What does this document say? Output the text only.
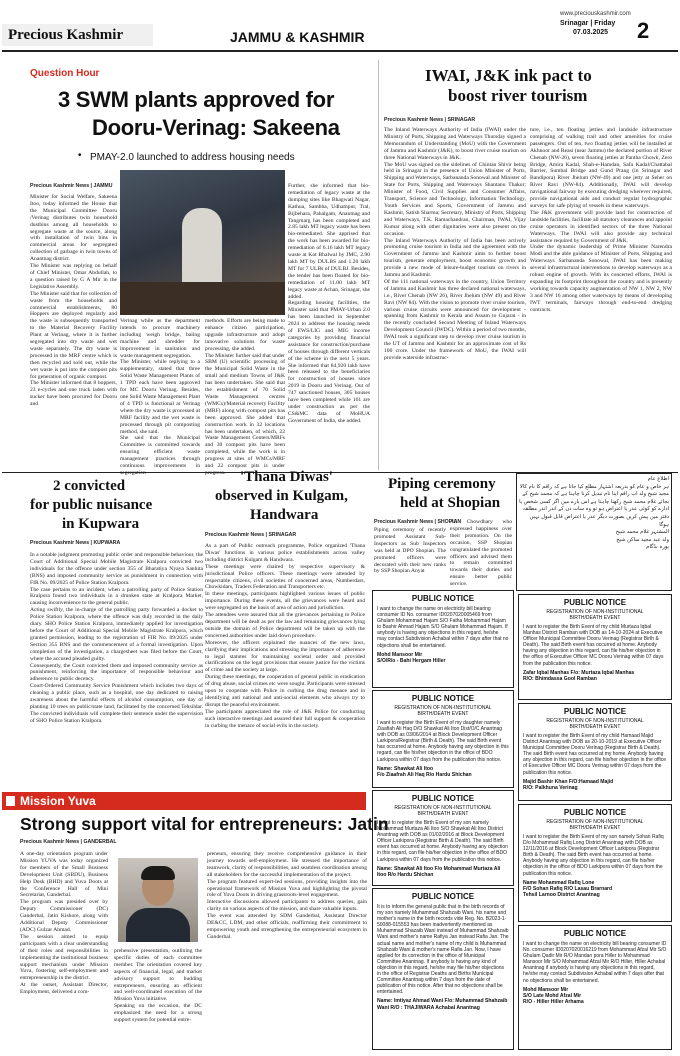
Precious Kashmir	JAMMU & KASHMIR
www.preciouskashmir.com
Srinagar | Friday
07.03.2025 2
Question Hour
3 SWM plants approved for
Dooru-Verinag: Sakeena
• PMAY-2.0 launched to address housing needs
Precious Kashmir News | JAMMU
Minister for Social Welfare, Sakeena Itoo, today informed the House that the Municipal Committee Dooru /Verinag distributes twin household dustbins among all households to segregate waste at the source, along with installation of twin bins in commercial areas for segregated collection of garbage in twin towns of Anantnag district.
The Minister was replying on behalf of Chief Minister, Omar Abdullah, to a question raised by G A Mir in the Legislative Assembly.
The Minister said that for collection of waste from the households and commercial establishments, 80 Hoppers are deployed regularly and the waste is subsequently transported to the Material Recovery Facility Plant at Verinag, where it is further segregated into dry waste and wet waste separately. The dry waste is processed in the MRF centre which is then recycled and sold out, while the wet waste is put into the compost pits for generation of organic compost.
The Minister informed that 8 hoppers, 23 e-cycles and one truck laden with sucker have been procured for Dooru and
Verinag while as the department intends to procure machinery including weigh bridge, baling machine and shredder for improvement in sanitation and waste management segregation.
The Minister, while replying to a supplementary, stated that three Solid Waste Management Plants of 1 TPD each have been approved for MC Dooru Verinag. Besides, one Solid Waste Management Plant of 4 TPD is functional at Verinag where the dry waste is processed at MRF facility and the wet waste is processed through pit composting method, she said.
She said that the Municipal Committee is committed towards ensuring efficient waste management practices through continuous improvements in
methods. Efforts are being made to enhance citizen participation, upgrade infrastructure and adopt innovative solutions for waste processing, she added.
The Minister further said that under SBM (U) scientific processing of the Municipal Solid Waste in the small and medium Towns of J&K has been undertaken. She said that the establishment of 70 Solid Waste Management centres (WMCs)/Material recovery Facility (MRF) along with compost pits has been approved. She added that construction work in 32 locations has been undertaken, of which, 22 Waste Management Centers/MRFs and 30 compost pits have been completed, while the work is in progress at sites of WMCs/MRF and 22 compost pits is under
Further, she informed that bio-remediation of legacy waste at the dumping sites like Bhagwati Nagar, Kathua, Sambha, Udhampur, Tral, Bijbehara, Pahalgam, Anantnag and Tangmarg has been completed and 2.85 lakh MT legacy waste has been bio-remediated. She apprised that the work has been awarded for bio-remediation of 6.16 lakh MT legacy waste at Kot Bhalwal by JMC, 2.90 lakh MT by DULBS and 1.20 lakh MT for 7 ULBs of DULBJ. Besides, the tender has been floated for bio-remediation of 11.00 lakh MT legacy waste at Achan, Srinagar, she added.
Regarding housing facilities, the Minister said that PMAY-Urban 2.0 has been launched in September 2024 to address the housing needs of EWS/LIG and MIG income categories by providing financial assistance for construction/purchase of houses through different verticals of the scheme in the next 5 years. She informed that 84,920 lakh have been released to the beneficiaries for construction of houses since 2019 in Dooru and Verinag. Out of 747 sanctioned houses, 305 houses have been completed while 161 are under construction as per the CS&MC data of MoHUA Government of India, she added.
IWAI, J&K ink pact to
boost river tourism
Precious Kashmir News | SRINAGAR
The Inland Waterways Authority of India (IWAI) under the Ministry of Ports, Shipping and Waterways Thursday signed a Memorandum of Understanding (MoU) with the Government of Jammu and Kashmir (J&K), to boost river cruise tourism on three National Waterways in J&K.
The MoU was signed on the sidelines of Chintan Shivir being held in Srinagar in the presence of Union Minister of Ports, Shipping and Waterways, Sarbananda Sonowal and Minister of State for Ports, Shipping and Waterways Shantanu Thakur; Minister of Food, Civil Supplies and Consumer Affairs, Transport, Science and Technology, Information Technology, Youth Services and Sports, Government of Jammu and Kashmir, Satish Sharma; Secretary, Ministry of Ports, Shipping and Waterways, T.K. Ramachandran, Chairman, IWAI, Vijay Kumar along with other dignitaries were also present on the occasion.
The Inland Waterways Authority of India has been actively promoting cruise tourism in India and the agreement with the Government of Jammu and Kashmir aims to further boost tourism, generate employment, boost economic growth and provide a new mode of leisure-budget tourism on rivers in Jammu and Kashmir.
Of the 111 national waterways in the country, Union Territory of Jammu and Kashmir has three declared national waterways, i.e., River Chenab (NW 26), River Jhelum (NW 49) and River Ravi (NW 84). With the vision to promote river cruise tourism, various cruise circuits were announced for development - spanning from Kashmir to Kerala and Assam to Gujarat - in the recently concluded Second Meeting of Inland Waterways Development Council (IWDC). Within a period of two months, IWAI took a significant step to develop river cruise tourism in the UT of Jammu and Kashmir for an approximate cost of Rs 100 crore. Under the framework of MoU, the IWAI will provide waterside infrastruc-
ture, i.e., ten floating jetties and landside infrastructure comprising of walking trail and other amenities for cruise passengers. Out of ten, two floating jetties will be installed at Akhnoor and Reasi (near Jammu) the declared portion of River Chenab (NW-26), seven floating jetties at Pantha Chowk, Zero Bridge, Amira Kadal, Shah-e-Hamdan, Safa Kadal/Chattabal Barrier, Sumbal Bridge and Gund Prang (in Srinagar and Bandipora) River Jhelum (NW-49) and one jetty at Seher on River Ravi (NW-84). Additionally, IWAI will develop navigational fairway by executing dredging wherever required, provide navigational aids and conduct regular hydrographic surveys for safe plying of vessels in these waterways.
The J&K government will provide land for construction of landside facilities, facilitate all statutory clearances and appoint cruise operators in identified sectors of the three National Waterways. The IWAI will also provide any technical assistance required by Government of J&K.
Under the dynamic leadership of Prime Minister Narendra Modi and the able guidance of Minister of Ports, Shipping and Waterways Sarbananda Sonowal, IWAI has been making several infrastructural interventions to develop waterways as a robust engine of growth. With its concerted efforts, IWAI is expanding its footprint throughout the country and is presently working towards capacity augmentation of NW 1, NW 2, NW 3 and NW 16 among other waterways by means of developing IWT terminals, fairways through end-to-end dredging contracts.
2 convicted
for public nuisance
in Kupwara
Precious Kashmir News | KUPWARA
In a notable judgment promoting public order and responsible behaviour, the Court of Additional Special Mobile Magistrate Kralpora convicted two individuals for the offence under section 355 of Bharatiya Nyaya Sanhita (BNS) and imposed community service as punishment in connection with FIR No. 09/2025 of Police Station Kralpora.
The case pertains to an incident, when a patrolling party of Police Station Kralpora found two individuals in a drunken state at Kralpora Market, causing inconvenience to the general public.
Acting swiftly, the in-charge of the patrolling party forwarded a docket to Police Station Kralpora, where the offence was duly recorded in the daily diary. SHO Police Station Kralpora, immediately applied for investigation before the Court of Additional Special Mobile Magistrate Kralpora, which granted permission, leading to the registration of FIR No. 09/2025 under Section 355 BNS and the commencement of a formal investigation. Upon completion of the investigation, a chargesheet was filed before the Court, where the accused pleaded guilty.
Consequently, the Court convicted them and imposed community service as punishment, reinforcing the importance of responsible behaviour and adherence to public decency.
Court-Ordered Community Service Punishment which includes two days of cleaning a public place, such as a hospital, one day dedicated to raising awareness about the harmful effects of alcohol consumption, one day of planting 10 trees on public/state land, facilitated by the concerned Tehsildar. The convicted individuals will complete their sentence under the supervision of SHO Police Station Kralpora.
'Thana Diwas'
observed in Kulgam,
Handwara
Precious Kashmir News | SRINAGAR
As a part of Public outreach programme, Police organized 'Thana Diwas' functions in various police establishments across valley including district Kulgam & Handwara.
These meetings were chaired by respective supervisory & jurisdictional Police officers. These meetings were attended by respectable citizens, civil societies of concerned areas, Numberdars, Chowkidars, Traders Federation and Transporters etc.
In these meetings, participants highlighted various issues of public importance. During these events, all the grievances were heard and were segregated on the basis of area of action and jurisdiction.
The attendees were assured that all the grievances pertaining to Police department will be dealt as per the law and remaining grievances lying outside the domain of Police department will be taken up with the concerned authorities under laid down procedure.
Moreover, the officers explained the nuances of the new laws, clarifying their implications and stressing the importance of adherence to legal statutes for maintaining societal order and provided clarifications on the legal provisions that ensure justice for the victims of crime and the society at large.
During these meetings, the cooperation of general public in eradication of drug abuse, social crimes etc were sought. Participants were stressed upon to cooperate with Police in curbing the drug menace and in identifying anti national and anti-social elements who always try to disrupt the peaceful environment.
The participants appreciated the role of J&K Police for conducting such interactive meetings and assured their full support & cooperation in curbing the menace of social evils in the society.
Piping ceremony
held at Shopian
Precious Kashmir News | SHOPIAN
Piping ceremony of recently promoted Assistant Sub-Inspectors as Sub Inspectors was held at DPO Shopian. The promoted officers were decorated with their new ranks by SSP Shopian Anyat
Ali Chowdhary who expressed happiness over their promotion. On the occasion, SSP Shopian congratulated the promoted officers and advised them to remain committed towards their duties and ensure better public service.
اطلاع عام
ہر خاص و عام کو بذریعہ اشتہار مطلع کیا جاتا ہے کہ راقم کا نام کالا مجید شیخ ولد اب راقم اپنا نام تبدیل کرنا چاہتا ہے کہ محمد شیخ کے بجائے غلام محمد شیخ رکھنا چاہتا ہے اس بارے میں اگر کسی شخص یا ادارے کو کوئی عذر یا اعتراض ہو تو وہ سات دن کے اندر اندر مطلقہ دفتر میں پیش کریں بصورت دیگر عذر یا اعتراض قابل قبول نہیں ہوگا
المشتہر غلام محمد شیخ
ولد عبد مجید ساکن شیخ
پورہ بڈگام
PUBLIC NOTICE
I want to change the name on electricity bill bearing consumer ID No. consumer ID0207020005469 from Ghulam Mohammad Hajam S/O Fatha Mohammad Hajam to Bashir Ahmad Hajam S/O Ghulam Mohammad Hajam. If anybody is having any objections in this regard, he/she may contact Subdivision Achabal within 7 days after that no objections shall be entertained.
Mohd Mansoor Mir
S/O/R/o - Bahi Hergam Hiller
PUBLIC NOTICE
REGISTRATION OF NON-INSTITUTIONAL
BIRTH/DEATH EVENT
I want to register the Birth Event of my daughter namely Ziaafiah Ali Haq D/O Shawkat Ali Itoo Dist/O/C Anantnag with DOB as 03/06/2014 at Block Development Officer Larkipora/Registrar (Birth & Death). The said Birth event has occurred at home. Anybody having any objection in this regard, can file his/her objection in the office of BDO Larkipora within 07 days from the publication this notice.
Name: Shawkat Ali Itoo
F/o Ziaafrah Ali Haq R/o Hardu Shichan
PUBLIC NOTICE
REGISTRATION OF NON-INSTITUTIONAL
BIRTH/DEATH EVENT
I want to register the Birth Event of my son namely Mohammad Murtaza Ali Itoo S/O Shawkat Ali Itoo District Anantnag with DOB as 01/02/2016 at Block Development Officer Larkipora (Registrar Birth & Death). The said Birth event has occurred at home. Anybody having any objection in this regard, can file his/her objection in the office of BDO Larkipora within 07 days from the publication this notice.
Name: Shawkat Ali Itoo F/o Mohammad Murtaza Ali
Itoo R/o Hardu Shichan
PUBLIC NOTICE
It is to inform the general public that in the birth records of my son namely Muhammad Shahzaib Wani, his name and mother's name in the birth records vide Reg. No. B2023-1-50088-015553 has been inadvertently mentioned as Muhammad Shazaib Wani instead of Muhammad Shahzaib Wani and mother's name Rafiya Jan instead Rafia Jan. The actual name and mother's name of my child is Muhammad Shahzaib Wani & mother's name Rafia Jan. Now, I have applied for its correction in the office of Municipal Committee Anantnag. If anybody is having any kind of objection in this regard, he/she may file his/her objections in the office of Registrar Deaths and Births Municipal Committee Anantnag within 7 days from the date of publication of this notice. After that no objections shall be entertained.
Name: Imtiyaz Ahmad Wani F/o: Muhammad Shahzaib
Wani R/O : THAJIWARA Achabal Anantnag
PUBLIC NOTICE
REGISTRATION OF NON-INSTITUTIONAL
BIRTH/DEATH EVENT
I want to register the Birth Event of my child Murtaza Iqbal Manhas District Ramban with DOB as 14-10-2024 at Executive Officer Municipal Committee Dooru Verinag (Registrar Birth & Death). The said Birth event has occurred at home. Anybody having any objection in this regard, can file his/her objection in the office of Executive Officer MC Dooru Verinag within 07 days from the publication this notice.
Zafar Iqbal Manhas F/o: Murtaza Iqbal Manhas
R/O: Bhimdassa Gool Ramban
PUBLIC NOTICE
REGISTRATION OF NON-INSTITUTIONAL
BIRTH/DEATH EVENT
I want to register the Birth Event of my child Hamaad Majid District Anantnag with DOB as 20-10-2019 at Executive Officer Municipal Committee Dooru Verinag (Registrar Birth & Death). The said Birth event has occurred at my home. Anybody having any objection in this regard, can file his/her objection in the office of Executive Officer MC Dooru Verinag within 07 days from the publication this notice.
Majid Bashir Khan F/O:Hamaad Majid
R/O: Palkhuna Verinag
PUBLIC NOTICE
REGISTRATION OF NON-INSTITUTIONAL
BIRTH/DEATH EVENT
I want to register the Birth Event of my son namely Sohan Rafiq D/o Mohammad Rafiq Long District Anantnag with DOB as 12/11/2016 at Block Development Officer Larkipora (Registrar Birth & Death). The said Birth event has occurred at home. Anybody having any objection in this regard, can file his/her objection in the office of BDO Larkipora within 07 days from the publication this notice.
Name Mohammad Rafiq Lone
F/O Sohan Rafiq R/O Lasau Brarnard
Tehsil Larnoo District Anantnag
PUBLIC NOTICE
I want to change the name on electricity bill bearing consumer ID No. consumer ID0207020016219 from Mohammad Afzal Mir S/O Ghulam Qadir Mir R/O Mandan pora Hiller to Mohammad Mansoor Mir S/O Mohammad Afzal Mir R/O Hiller, Hiller Achabal Anantnag if anybody is having any objections in this regard, he/she may contact Subdivision Achabal within 7 days after that no objections shall be entertained.
Mohd Mansoor Mir
S/O Late Mohd Afzal Mir
R/O - Hiller Hiller Arhama
Mission Yuva
Strong support vital for entrepreneurs: Jatin
Precious Kashmir News | GANDERBAL
A one-day orientation program under Mission YUVA was today organized for members of the Small Business Development Unit (SBDU), Business Help Desk (BHD) and Yuva Doots at the Conference Hall of Mini Secretariat, Ganderbal.
The program was presided over by Deputy Commissioner (DC) Ganderbal, Jatin Kishore, along with Additional Deputy Commissioner (ADC) Gulzar Ahmad.
The session aimed to equip participants with a clear understanding of their roles and responsibilities in implementing the institutional business support mechanism under Mission Yuva, fostering self-employment and entrepreneurship in the district.
At the outset, Assistant Director, Employment, delivered a com-
prehensive presentation, outlining the specific duties of each committee member. The orientation covered key aspects of financial, legal, and market advisory support to budding entrepreneurs, ensuring an efficient and well-coordinated execution of the Mission Yuva initiative.
Speaking on the occasion, the DC emphasized the need for a strong support system for potential entre-
preneurs, ensuring they receive comprehensive guidance in their journey towards self-employment. He stressed the importance of teamwork, clarity of responsibilities, and seamless coordination among all stakeholders for the successful implementation of the project.
The program featured expert-led sessions, providing insights into the operational framework of Mission Yuva and highlighting the pivotal role of Yuva Doots in driving grassroots-level engagement.
Interactive discussions allowed participants to address queries, gain clarity on various aspects of the mission, and share valuable inputs.
The event was attended by SDM Ganderbal, Assistant Director DE&CC, LDM, and other officials, reaffirming their commitment to empowering youth and strengthening the entrepreneurial ecosystem in Ganderbal.
